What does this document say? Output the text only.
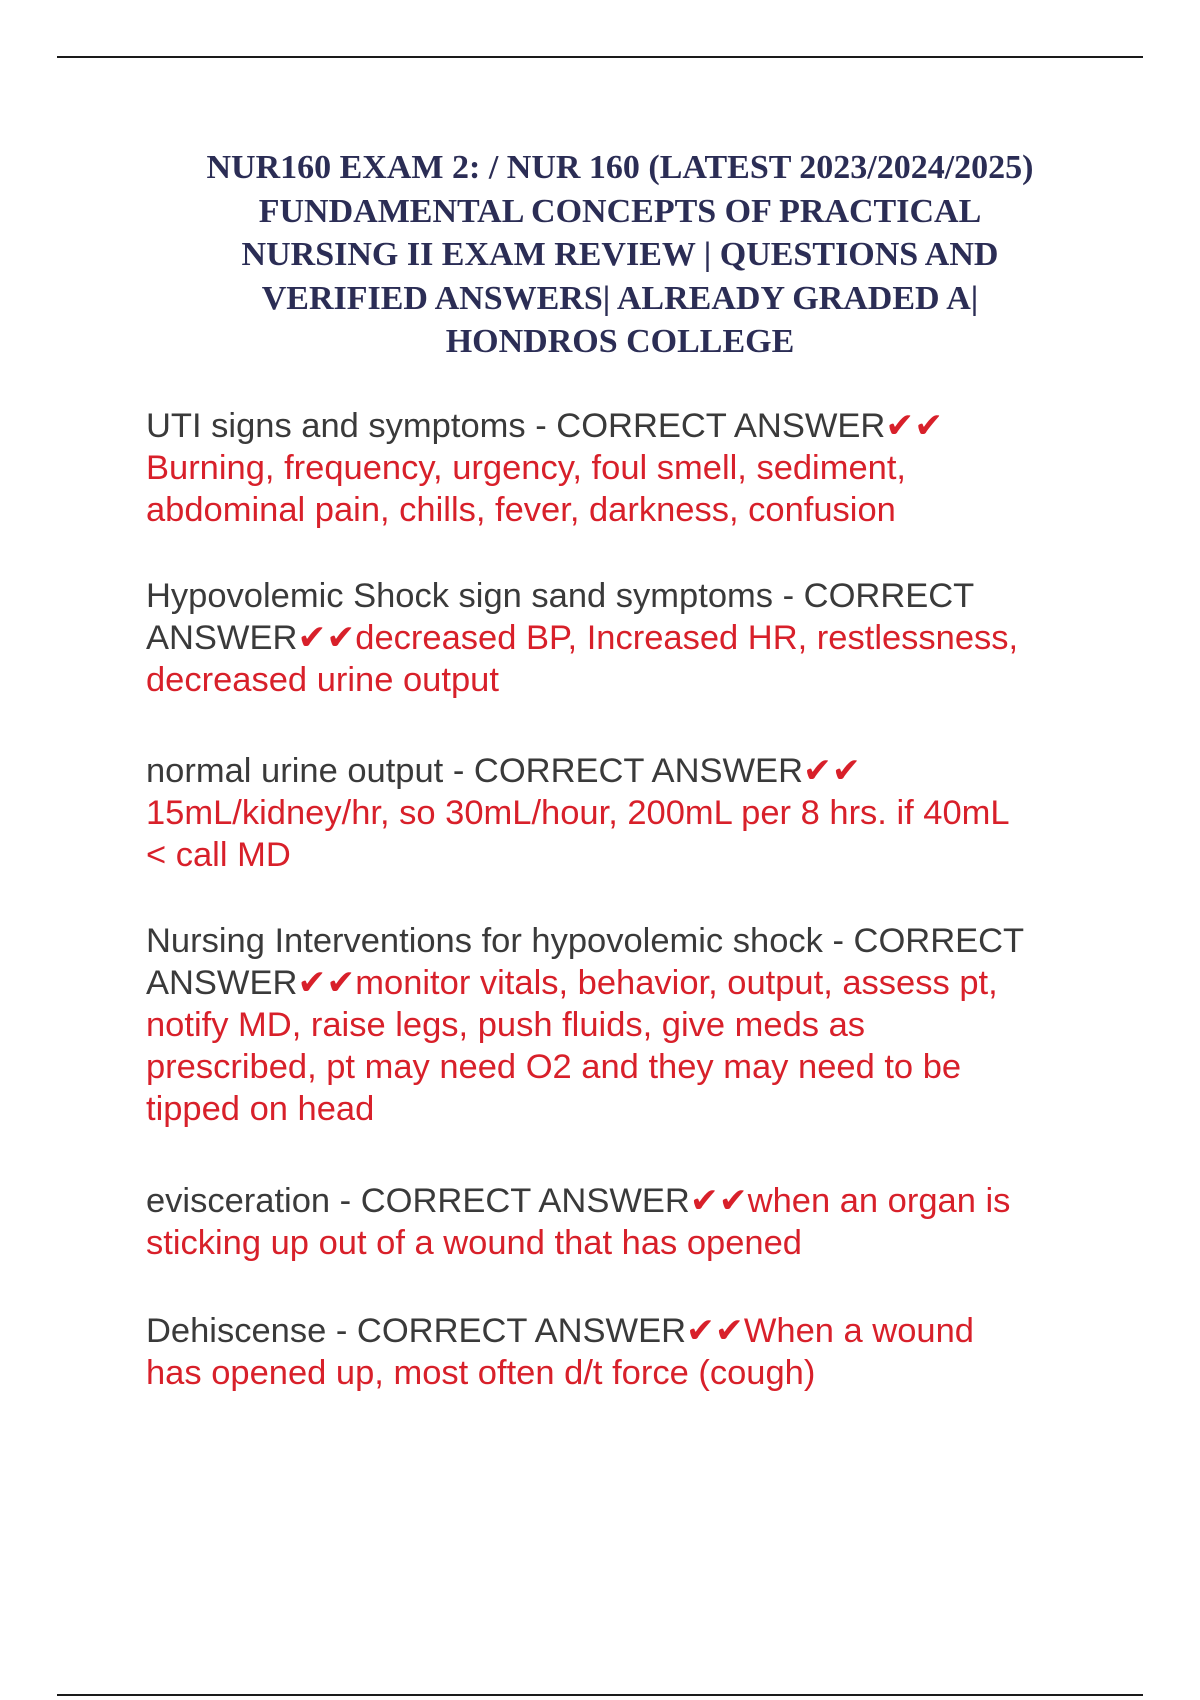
NUR160 EXAM 2: / NUR 160 (LATEST 2023/2024/2025)
FUNDAMENTAL CONCEPTS OF PRACTICAL
NURSING II EXAM REVIEW | QUESTIONS AND
VERIFIED ANSWERS| ALREADY GRADED A|
HONDROS COLLEGE
UTI signs and symptoms - CORRECT ANSWER✔✔
Burning, frequency, urgency, foul smell, sediment,
abdominal pain, chills, fever, darkness, confusion
Hypovolemic Shock sign sand symptoms - CORRECT
ANSWER✔✔decreased BP, Increased HR, restlessness,
decreased urine output
normal urine output - CORRECT ANSWER✔✔
15mL/kidney/hr, so 30mL/hour, 200mL per 8 hrs. if 40mL
< call MD
Nursing Interventions for hypovolemic shock - CORRECT
ANSWER✔✔monitor vitals, behavior, output, assess pt,
notify MD, raise legs, push fluids, give meds as
prescribed, pt may need O2 and they may need to be
tipped on head
evisceration - CORRECT ANSWER✔✔when an organ is
sticking up out of a wound that has opened
Dehiscense - CORRECT ANSWER✔✔When a wound
has opened up, most often d/t force (cough)
